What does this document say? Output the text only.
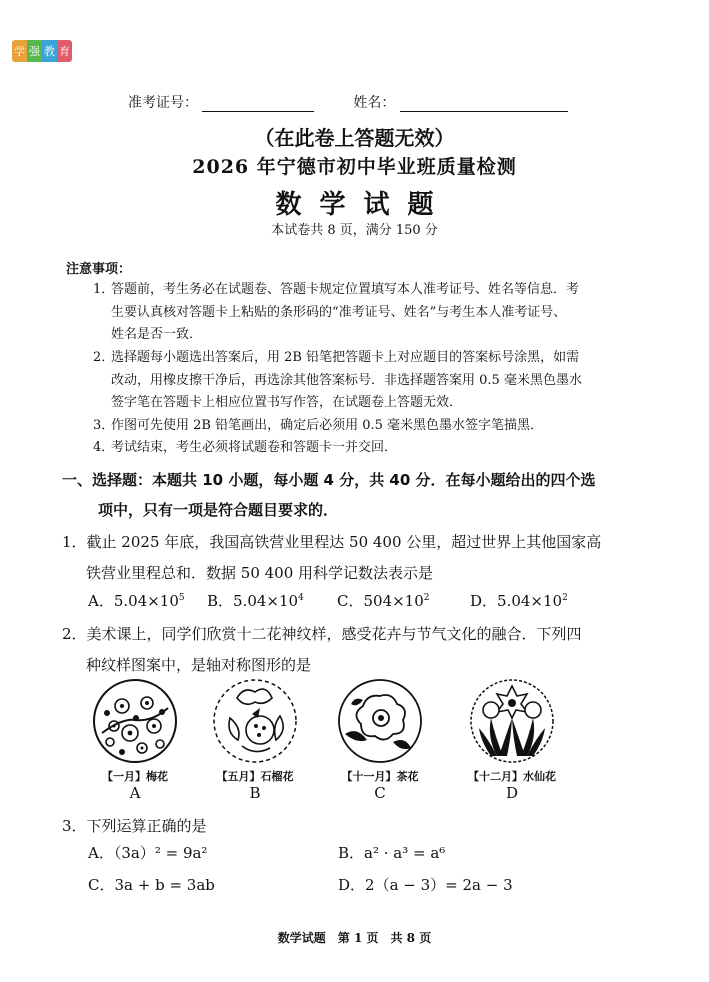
学 强 教 育
准考证号：	姓名：
（在此卷上答题无效）
2026 年宁德市初中毕业班质量检测
数学试题
本试卷共 8 页，满分 150 分
注意事项：
1．答题前，考生务必在试题卷、答题卡规定位置填写本人准考证号、姓名等信息．考
生要认真核对答题卡上粘贴的条形码的“准考证号、姓名”与考生本人准考证号、
姓名是否一致．
2．选择题每小题选出答案后，用 2B 铅笔把答题卡上对应题目的答案标号涂黑，如需
改动，用橡皮擦干净后，再选涂其他答案标号．非选择题答案用 0.5 毫米黑色墨水
签字笔在答题卡上相应位置书写作答，在试题卷上答题无效．
3．作图可先使用 2B 铅笔画出，确定后必须用 0.5 毫米黑色墨水签字笔描黑．
4．考试结束，考生必须将试题卷和答题卡一并交回．
一、选择题：本题共 10 小题，每小题 4 分，共 40 分．在每小题给出的四个选
项中，只有一项是符合题目要求的．
1．截止 2025 年底，我国高铁营业里程达 50 400 公里，超过世界上其他国家高
铁营业里程总和．数据 50 400 用科学记数法表示是
A．$5.04\times 10^5$ B．$5.04\times 10^4$ C．$504\times 10^2$	D．$5.04\times 10^2$
2．美术课上，同学们欣赏十二花神纹样，感受花卉与节气文化的融合．下列四
种纹样图案中，是轴对称图形的是
【一月】梅花
A
【五月】石榴花
B
【十一月】茶花
C
【十二月】水仙花
D
3．下列运算正确的是
A．（3a）² = 9a²	B．a² · a³ = a⁶
C．3a + b = 3ab	D．2（a − 3）= 2a − 3
数学试题　第 1 页　共 8 页
